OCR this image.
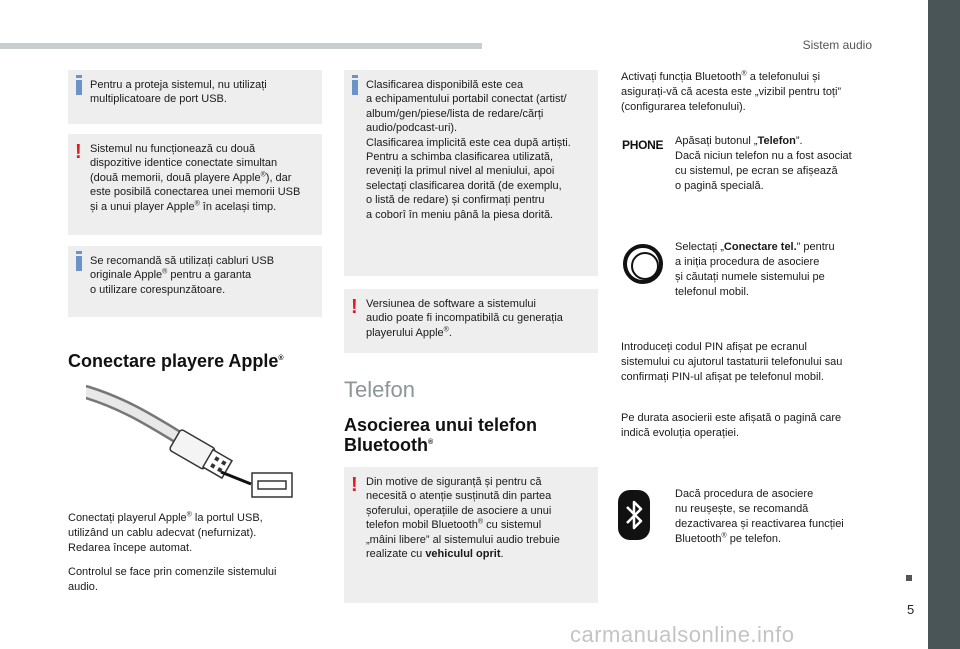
Sistem audio
5
carmanualsonline.info

Pentru a proteja sistemul, nu utilizați
multiplicatoare de port USB.

! Sistemul nu funcționează cu două
dispozitive identice conectate simultan
(două memorii, două playere Apple®), dar
este posibilă conectarea unei memorii USB
și a unui player Apple® în același timp.

Se recomandă să utilizați cabluri USB
originale Apple® pentru a garanta
o utilizare corespunzătoare.

Conectare playere Apple®
Conectați playerul Apple® la portul USB,
utilizând un cablu adecvat (nefurnizat).
Redarea începe automat.
Controlul se face prin comenzile sistemului
audio.

Clasificarea disponibilă este cea
a echipamentului portabil conectat (artist/
album/gen/piese/lista de redare/cărți
audio/podcast-uri).
Clasificarea implicită este cea după artiști.
Pentru a schimba clasificarea utilizată,
reveniți la primul nivel al meniului, apoi
selectați clasificarea dorită (de exemplu,
o listă de redare) și confirmați pentru
a coborî în meniu până la piesa dorită.

! Versiunea de software a sistemului
audio poate fi incompatibilă cu generația
playerului Apple®.

Telefon
Asocierea unui telefon
Bluetooth®
! Din motive de siguranță și pentru că
necesită o atenție susținută din partea
șoferului, operațiile de asociere a unui
telefon mobil Bluetooth® cu sistemul
„mâini libere” al sistemului audio trebuie
realizate cu vehiculul oprit.

Activați funcția Bluetooth® a telefonului și
asigurați-vă că acesta este „vizibil pentru toți”
(configurarea telefonului).
PHONE Apăsați butonul „Telefon”.
Dacă niciun telefon nu a fost asociat
cu sistemul, pe ecran se afișează
o pagină specială.
Selectați „Conectare tel.” pentru
a iniția procedura de asociere
și căutați numele sistemului pe
telefonul mobil.
Introduceți codul PIN afișat pe ecranul
sistemului cu ajutorul tastaturii telefonului sau
confirmați PIN-ul afișat pe telefonul mobil.
Pe durata asocierii este afișată o pagină care
indică evoluția operației.
Dacă procedura de asociere
nu reușește, se recomandă
dezactivarea și reactivarea funcției
Bluetooth® pe telefon.
